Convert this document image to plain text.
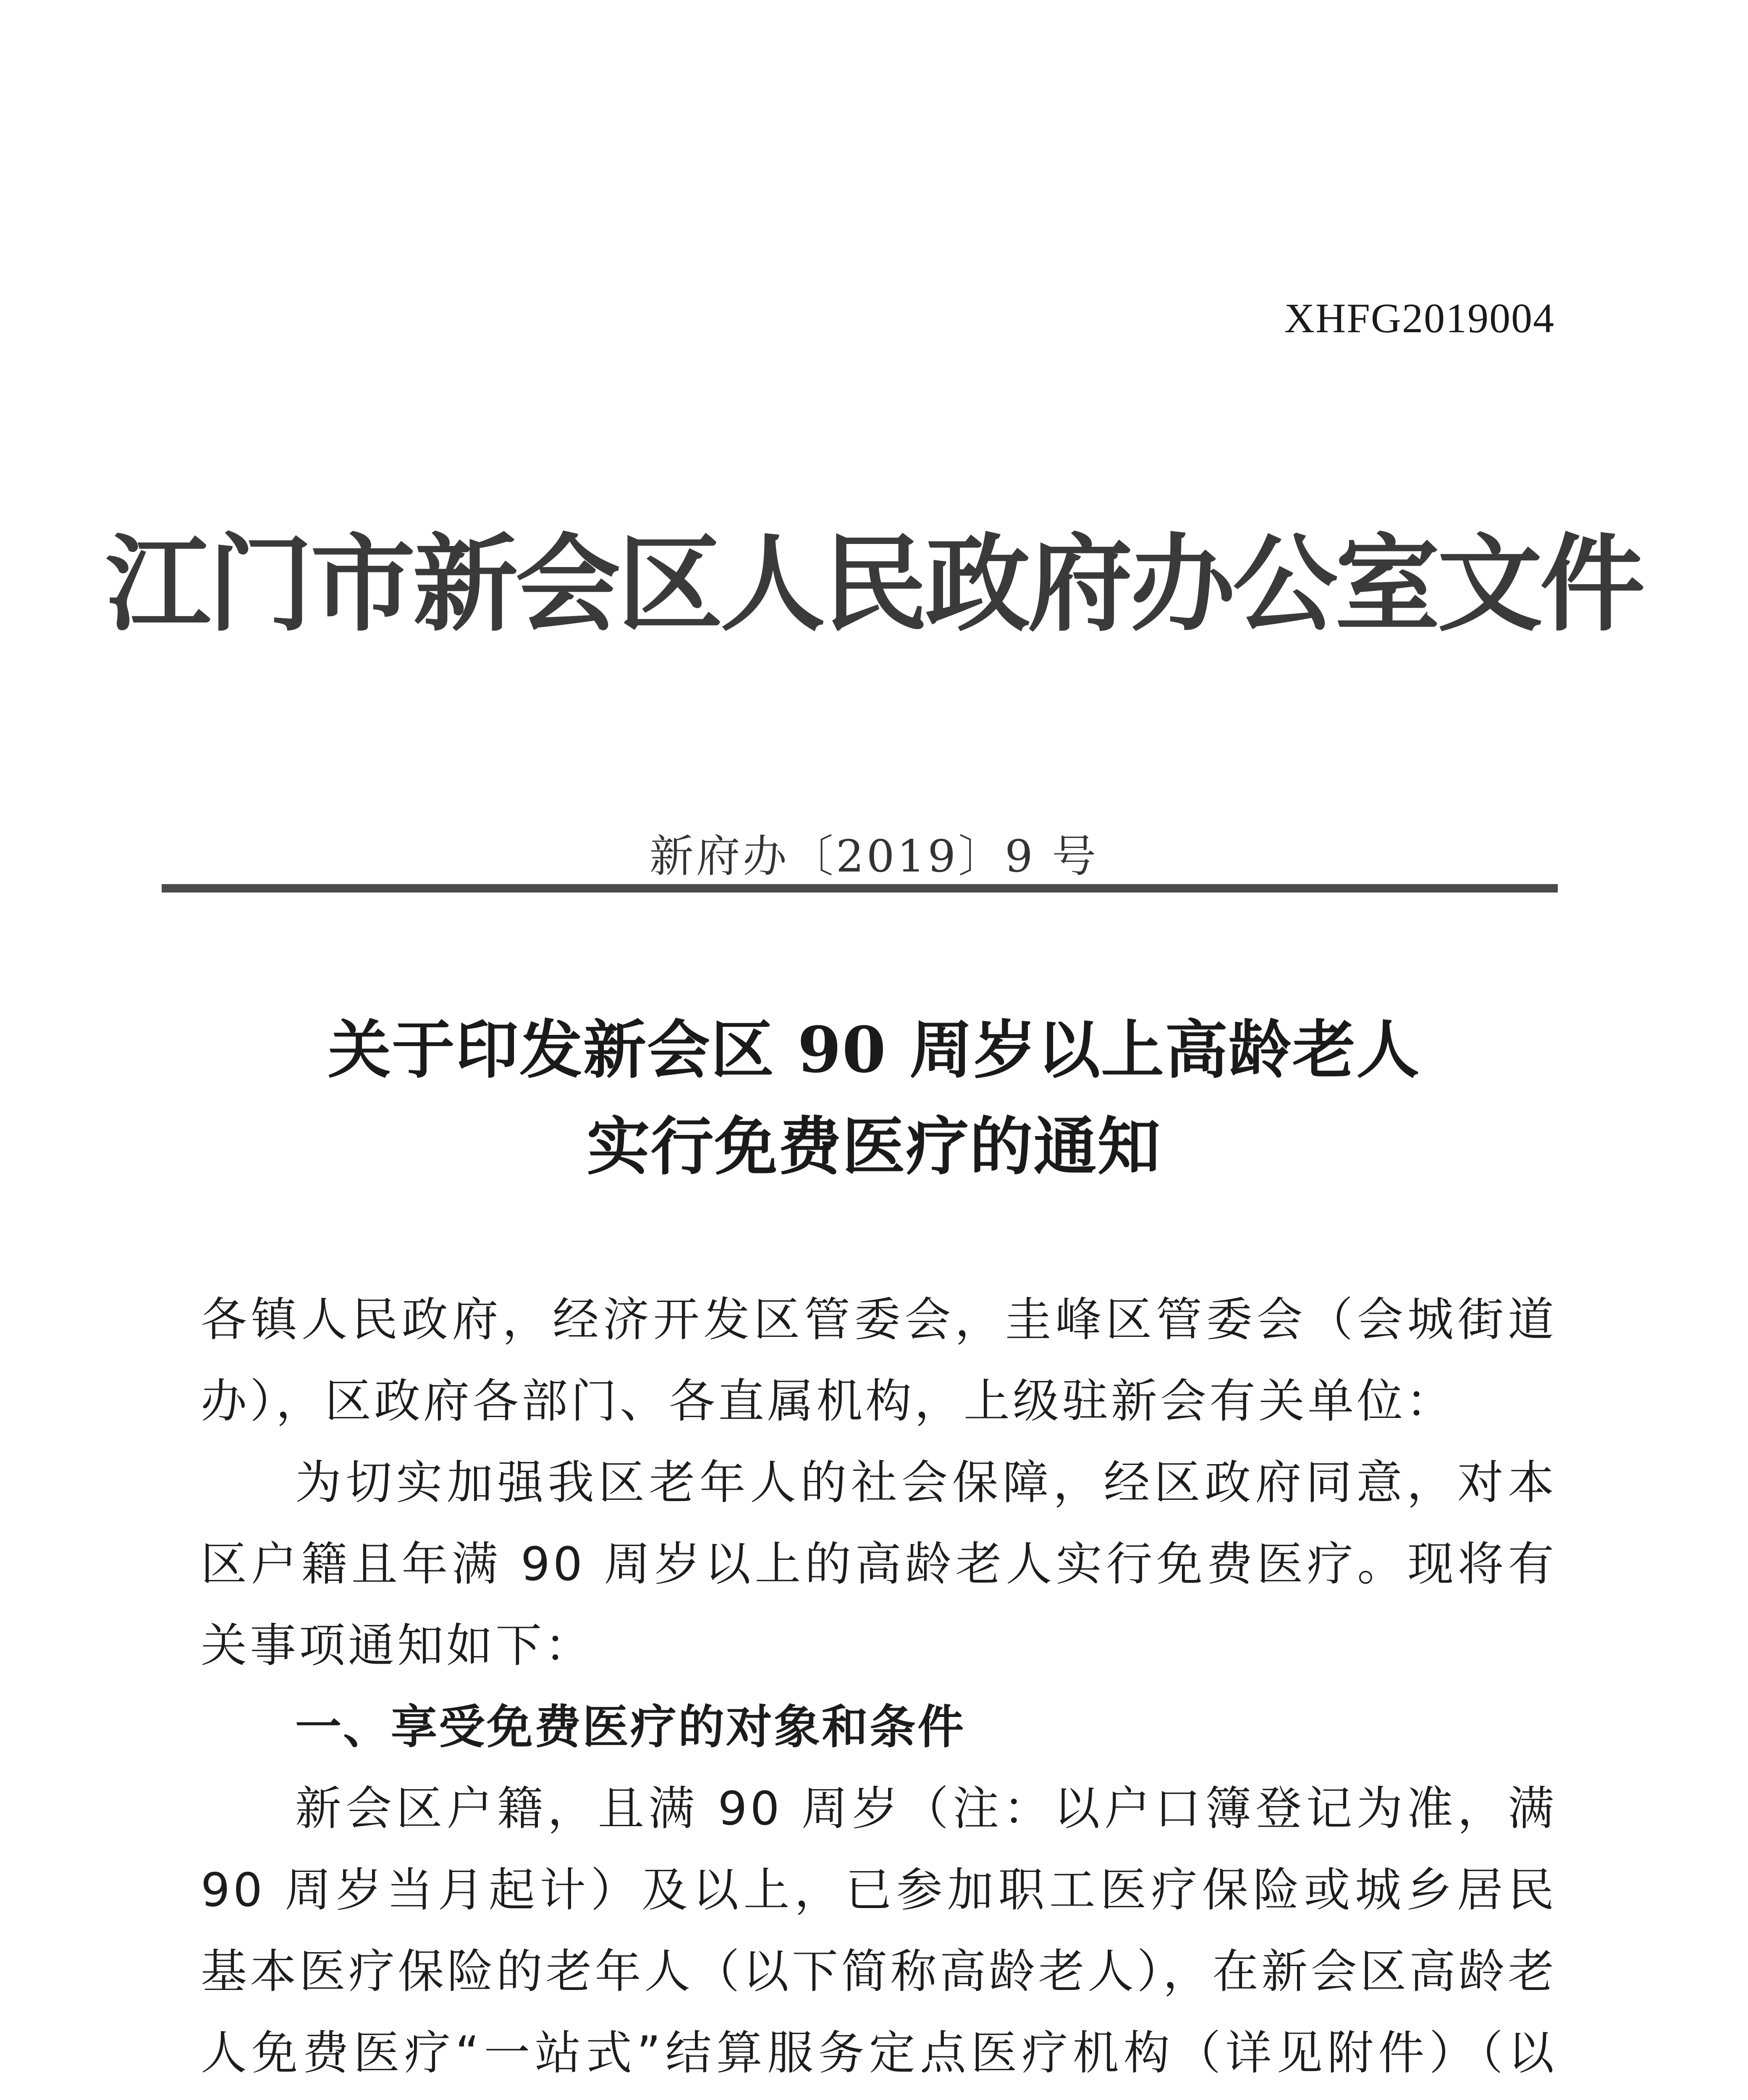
XHFG2019004
江门市新会区人民政府办公室文件
新府办〔2019〕9 号
关于印发新会区 90 周岁以上高龄老人
实行免费医疗的通知

各镇人民政府，经济开发区管委会，圭峰区管委会（会城街道办），区政府各部门、各直属机构，上级驻新会有关单位：

为切实加强我区老年人的社会保障，经区政府同意，对本区户籍且年满 90 周岁以上的高龄老人实行免费医疗。现将有关事项通知如下：

一、享受免费医疗的对象和条件

新会区户籍，且满 90 周岁（注：以户口簿登记为准，满 90 周岁当月起计）及以上，已参加职工医疗保险或城乡居民基本医疗保险的老年人（以下简称高龄老人），在新会区高龄老人免费医疗“一站式”结算服务定点医疗机构（详见附件）（以
